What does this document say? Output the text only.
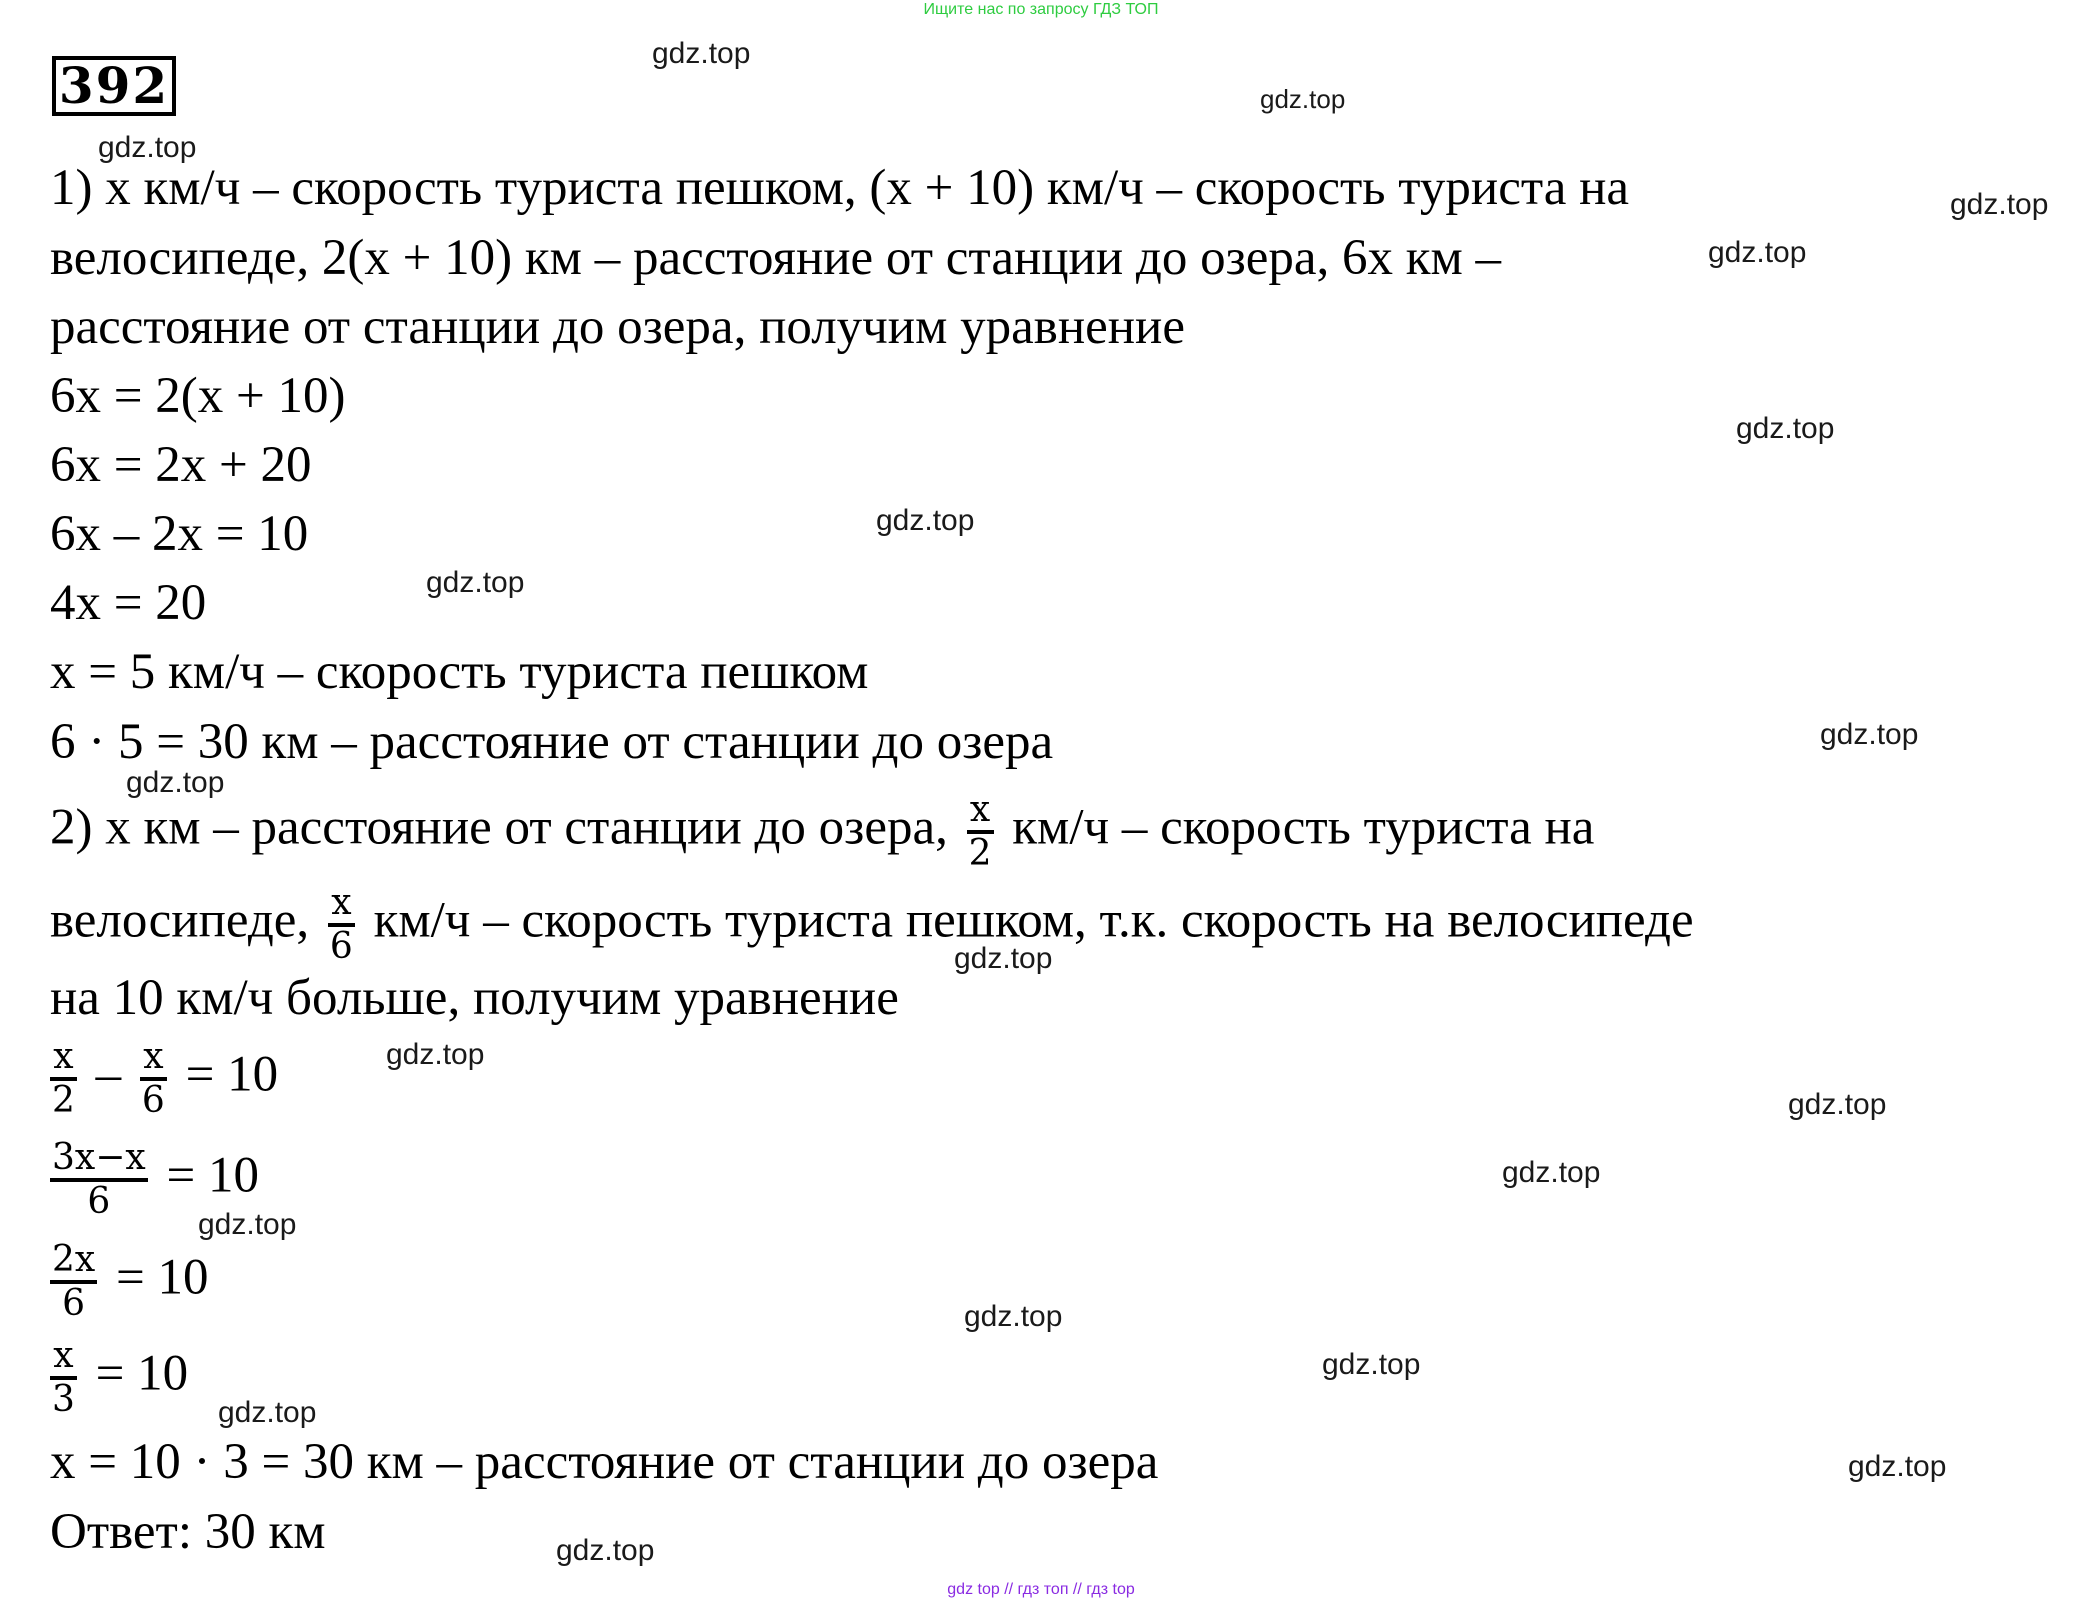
Ищите нас по запросу ГДЗ ТОП
392
1) x км/ч – скорость туриста пешком, (x + 10) км/ч – скорость туриста на
велосипеде, 2(x + 10) км – расстояние от станции до озера, 6x км –
расстояние от станции до озера, получим уравнение
6x = 2(x + 10)
6x = 2x + 20
6x – 2x = 10
4x = 20
x = 5 км/ч – скорость туриста пешком
6 · 5 = 30 км – расстояние от станции до озера
2) x км – расстояние от станции до озера, $\frac{x}{2} км/ч$ – скорость туриста на
велосипеде, $\frac{x}{6} км/ч$ – скорость туриста пешком, т.к. скорость на велосипеде
на 10 км/ч больше, получим уравнение
$\frac{x}{2} - \frac{x}{6} = 10$
$\frac{3x-x}{6} = 10$
$\frac{2x}{6} = 10$
$\frac{x}{3} = 10$
x = 10 · 3 = 30 км – расстояние от станции до озера
Ответ: 30 км
gdz.top
gdz.top
gdz.top
gdz.top
gdz.top
gdz.top
gdz.top
gdz.top
gdz.top
gdz.top
gdz.top
gdz.top
gdz.top
gdz.top
gdz.top
gdz.top
gdz.top
gdz.top
gdz.top
gdz.top
gdz top // гдз топ // гдз top
